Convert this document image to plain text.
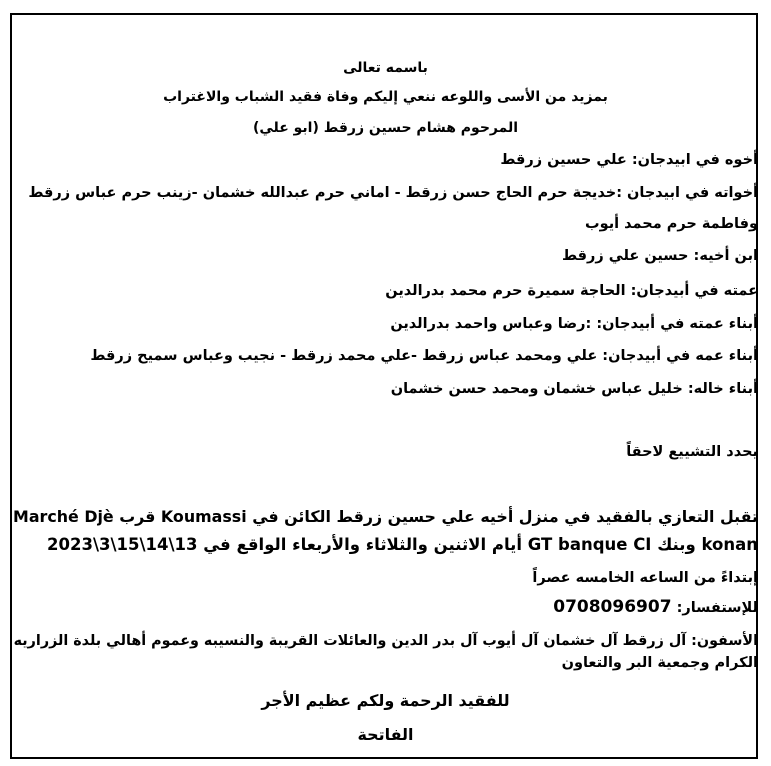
باسمه تعالى

بمزيد من الأسى واللوعه ننعي إليكم وفاة فقيد الشباب والاغتراب

المرحوم هشام حسين زرقط (ابو علي)

أخوه في ابيدجان: علي حسين زرقط

أخواته في ابيدجان :خديجة حرم الحاج حسن زرقط - اماني حرم عبدالله خشمان -زينب حرم عباس زرقط

وفاطمة حرم محمد أيوب

ابن أخيه: حسين علي زرقط

عمته في أبيدجان: الحاجة سميرة حرم محمد بدرالدين

أبناء عمته في أبيدجان: :رضا وعباس واحمد بدرالدين

أبناء عمه في أبيدجان: علي ومحمد عباس زرقط -علي محمد زرقط - نجيب وعباس سميح زرقط

أبناء خاله: خليل عباس خشمان ومحمد حسن خشمان

يحدد التشييع لاحقاً

تقبل التعازي بالفقيد في منزل أخيه علي حسين زرقط الكائن في Koumassi قرب Marché Djè

konan وبنك GT banque CI أيام الاثنين والثلاثاء والأربعاء الواقع في 13\14\15\3\2023

إبتداءً من الساعه الخامسه عصراً

للإستفسار: 0708096907

الأسفون: آل زرقط آل خشمان آل أيوب آل بدر الدين والعائلات القريبة والنسيبه وعموم أهالي بلدة الزراريه

الكرام وجمعية البر والتعاون

للفقيد الرحمة ولكم عظيم الأجر

الفاتحة
